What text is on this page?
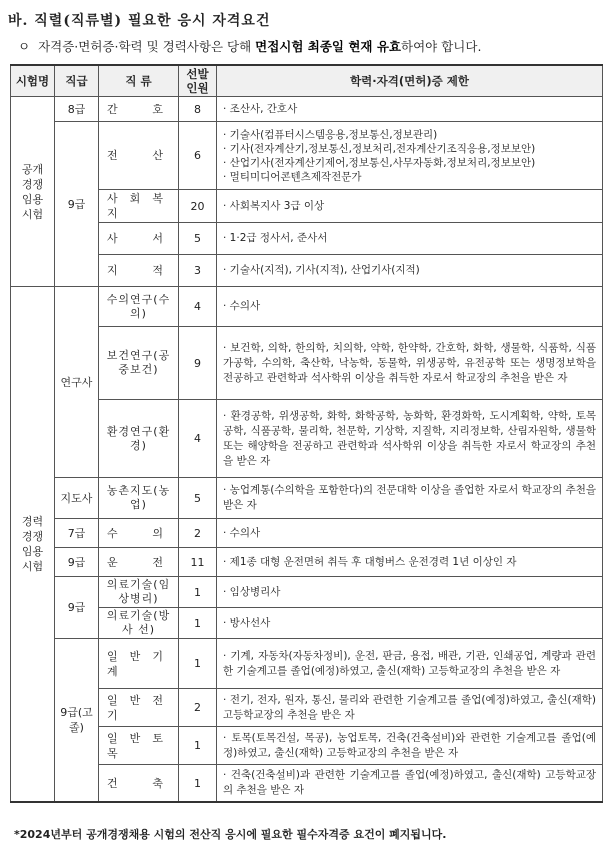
바. 직렬(직류별) 필요한 응시 자격요건
ㅇ 자격증·면허증·학력 및 경력사항은 당해 면접시험 최종일 현재 유효하여야 합니다.
시험명	직급	직 류	선발인원	학력·자격(면허)증 제한
공개경쟁임용시험	8급	간 호	8	· 조산사, 간호사

	9급	전 산	6	· 기술사(컴퓨터시스템응용,정보통신,정보관리)
· 기사(전자계산기,정보통신,정보처리,전자계산기조직응용,정보보안)
· 산업기사(전자계산기제어,정보통신,사무자동화,정보처리,정보보안)
· 멀티미디어콘텐츠제작전문가

		사 회 복 지	20	· 사회복지사 3급 이상

		사 서	5	· 1·2급 정사서, 준사서

		지 적	3	· 기술사(지적), 기사(지적), 산업기사(지적)

경력경쟁임용시험	연구사	수의연구(수 의)	4	· 수의사

		보건연구(공중보건)	9	· 보건학, 의학, 한의학, 치의학, 약학, 한약학, 간호학, 화학, 생물학, 식품학, 식품가공학, 수의학, 축산학, 낙농학, 동물학, 위생공학, 유전공학 또는 생명정보학을 전공하고 관련학과 석사학위 이상을 취득한 자로서 학교장의 추천을 받은 자

		환경연구(환 경)	4	· 환경공학, 위생공학, 화학, 화학공학, 농화학, 환경화학, 도시계획학, 약학, 토목공학, 식품공학, 물리학, 천문학, 기상학, 지질학, 지리정보학, 산림자원학, 생물학 또는 해양학을 전공하고 관련학과 석사학위 이상을 취득한 자로서 학교장의 추천을 받은 자

	지도사	농촌지도(농 업)	5	· 농업계통(수의학을 포함한다)의 전문대학 이상을 졸업한 자로서 학교장의 추천을 받은 자

	7급	수 의	2	· 수의사

	9급	운 전	11	· 제1종 대형 운전면허 취득 후 대형버스 운전경력 1년 이상인 자

	9급	의료기술(임상병리)	1	· 임상병리사

		의료기술(방 사 선)	1	· 방사선사

	9급(고졸)	일 반 기 계	1	· 기계, 자동차(자동차정비), 운전, 판금, 용접, 배관, 기관, 인쇄공업, 계량과 관련한 기술계고를 졸업(예정)하였고, 출신(재학) 고등학교장의 추천을 받은 자

		일 반 전 기	2	· 전기, 전자, 원자, 통신, 물리와 관련한 기술계고를 졸업(예정)하였고, 출신(재학) 고등학교장의 추천을 받은 자

		일 반 토 목	1	· 토목(토목건설, 목공), 농업토목, 건축(건축설비)와 관련한 기술계고를 졸업(예정)하였고, 출신(재학) 고등학교장의 추천을 받은 자

		건 축	1	· 건축(건축설비)과 관련한 기술계고를 졸업(예정)하였고, 출신(재학) 고등학교장의 추천을 받은 자
*2024년부터 공개경쟁채용 시험의 전산직 응시에 필요한 필수자격증 요건이 폐지됩니다.
